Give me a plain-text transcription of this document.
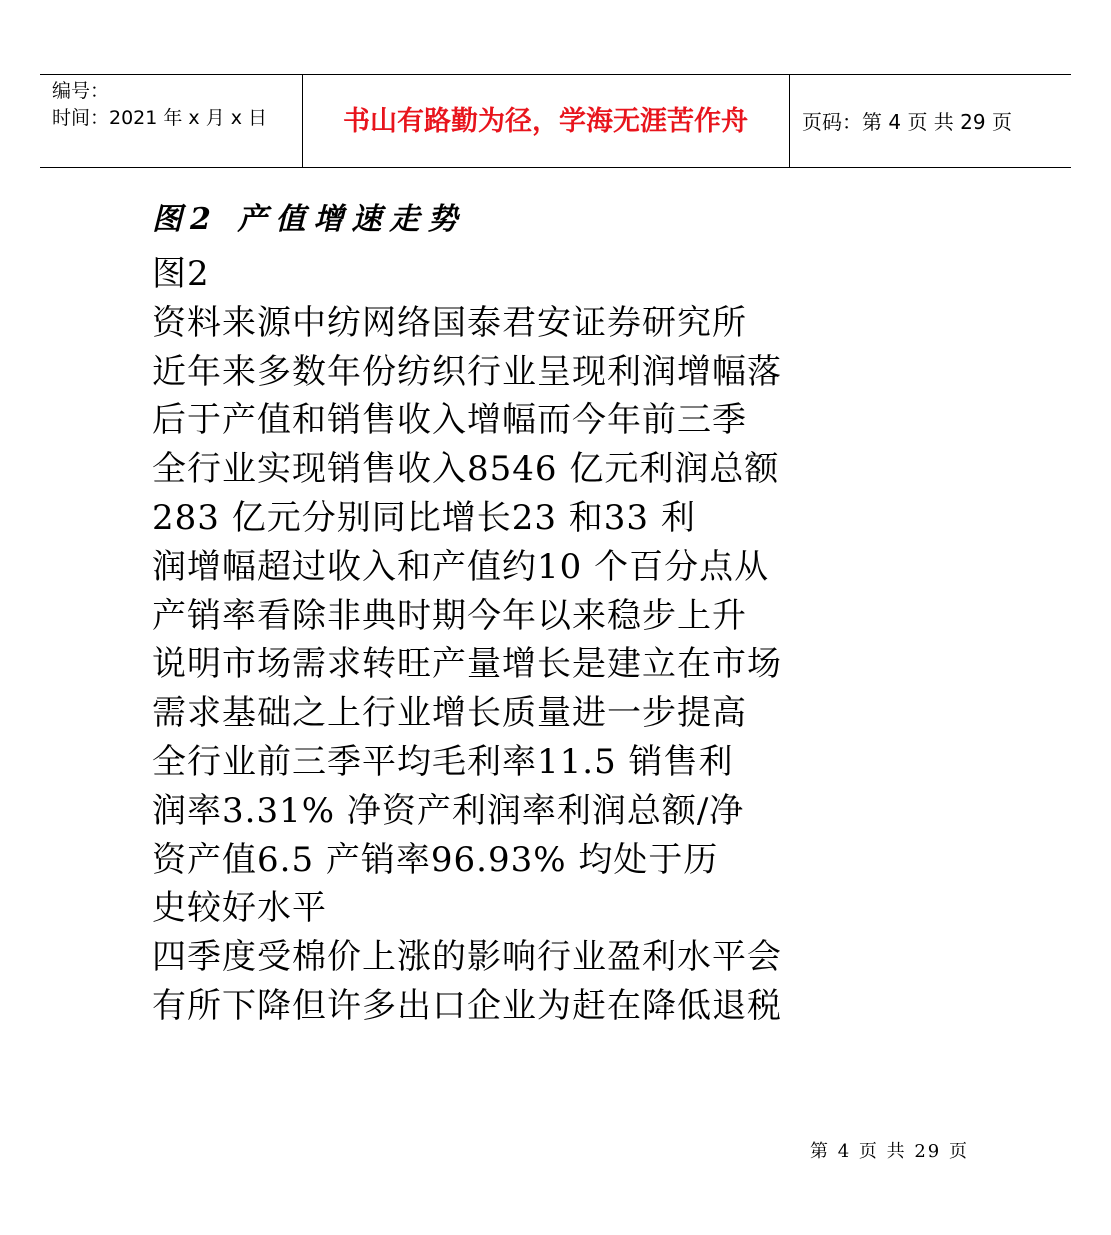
编号：
时间：2021 年 x 月 x 日	书山有路勤为径，学海无涯苦作舟	页码：第 4 页 共 29 页
图2 产值增速走势
图2
资料来源中纺网络国泰君安证券研究所
近年来多数年份纺织行业呈现利润增幅落
后于产值和销售收入增幅而今年前三季
全行业实现销售收入8546 亿元利润总额
283 亿元分别同比增长23 和33 利
润增幅超过收入和产值约10 个百分点从
产销率看除非典时期今年以来稳步上升
说明市场需求转旺产量增长是建立在市场
需求基础之上行业增长质量进一步提高
全行业前三季平均毛利率11.5 销售利
润率3.31% 净资产利润率利润总额/净
资产值6.5 产销率96.93% 均处于历
史较好水平
四季度受棉价上涨的影响行业盈利水平会
有所下降但许多出口企业为赶在降低退税
第 4 页 共 29 页
